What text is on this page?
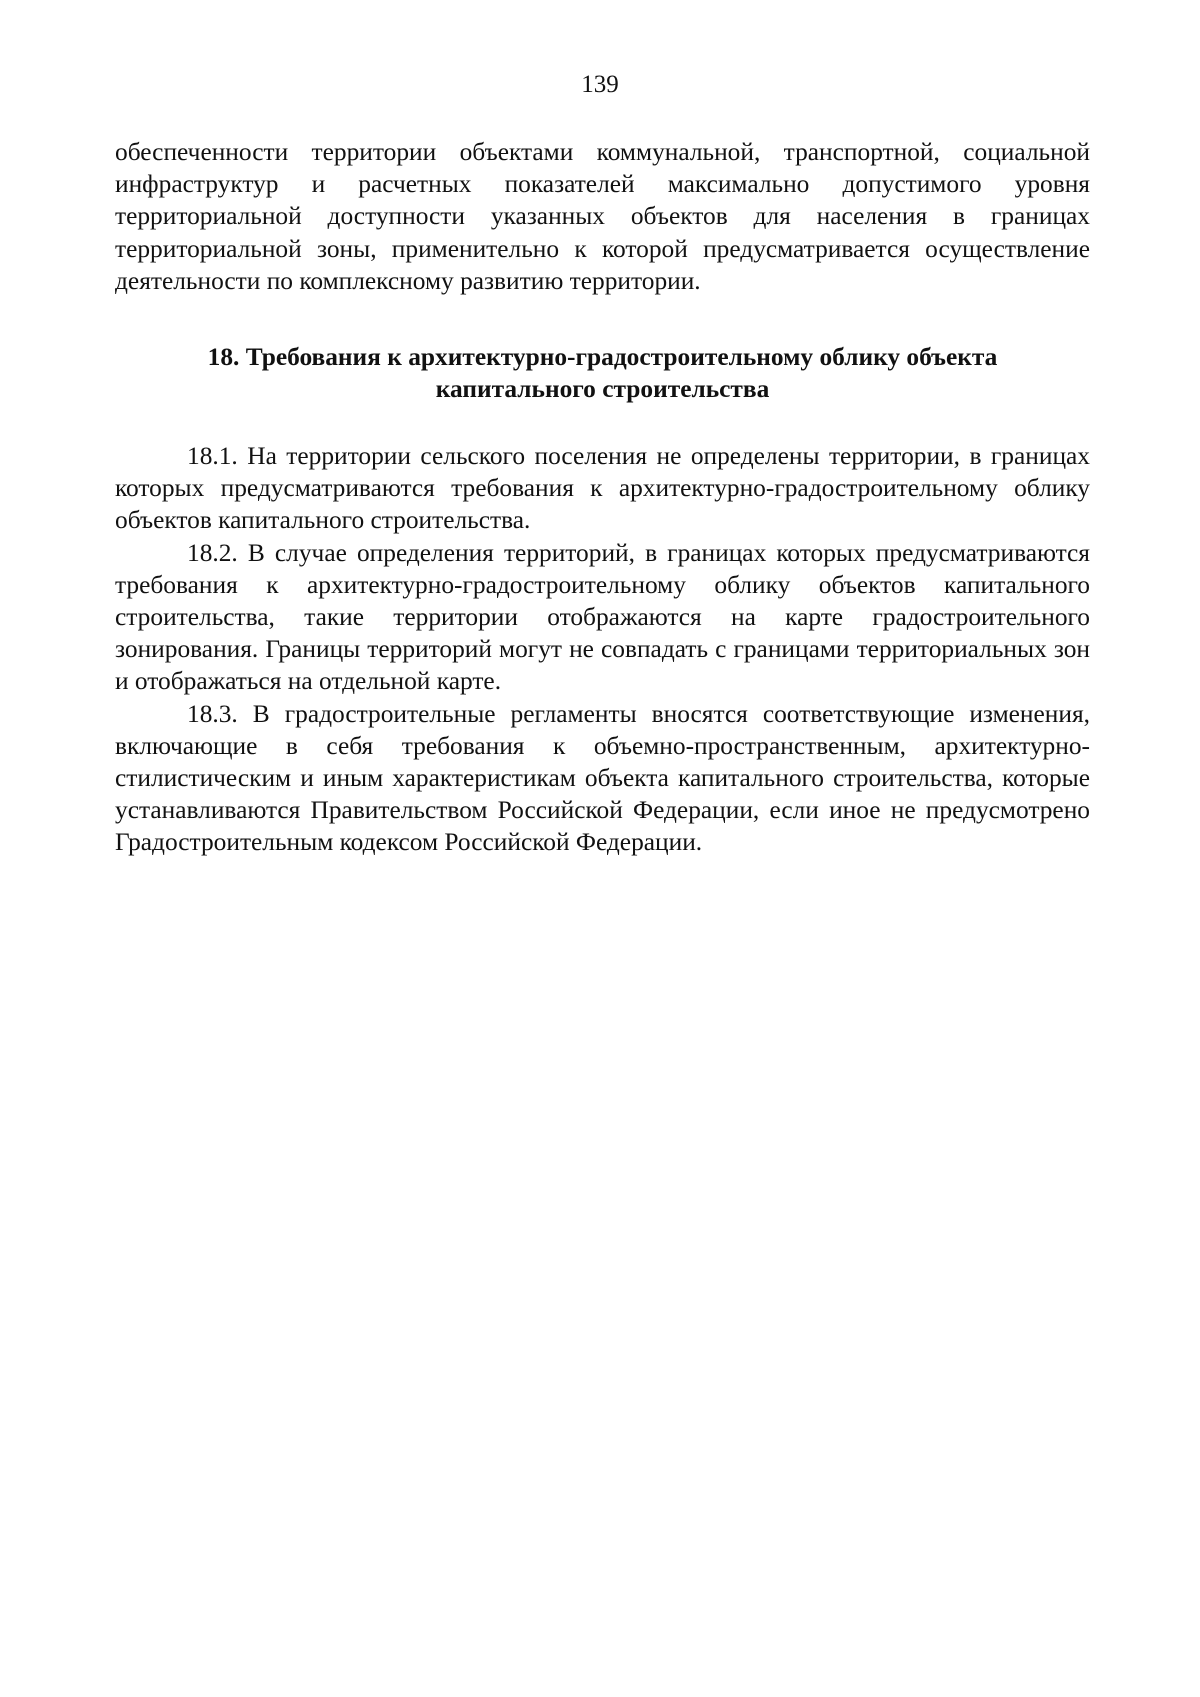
139

обеспеченности территории объектами коммунальной, транспортной, социальной инфраструктур и расчетных показателей максимально допустимого уровня территориальной доступности указанных объектов для населения в границах территориальной зоны, применительно к которой предусматривается осуществление деятельности по комплексному развитию территории.

18. Требования к архитектурно-градостроительному облику объекта
капитального строительства

18.1. На территории сельского поселения не определены территории, в границах которых предусматриваются требования к архитектурно-градостроительному облику объектов капитального строительства.

18.2. В случае определения территорий, в границах которых предусматриваются требования к архитектурно-градостроительному облику объектов капитального строительства, такие территории отображаются на карте градостроительного зонирования. Границы территорий могут не совпадать с границами территориальных зон и отображаться на отдельной карте.

18.3. В градостроительные регламенты вносятся соответствующие изменения, включающие в себя требования к объемно-пространственным, архитектурно-стилистическим и иным характеристикам объекта капитального строительства, которые устанавливаются Правительством Российской Федерации, если иное не предусмотрено Градостроительным кодексом Российской Федерации.
